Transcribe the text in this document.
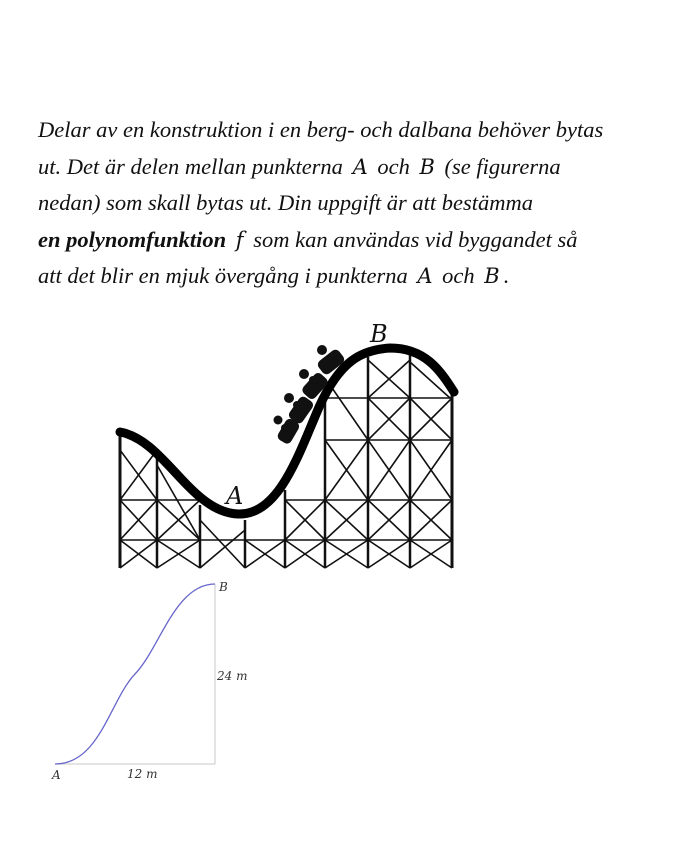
Delar av en konstruktion i en berg- och dalbana behöver bytas
ut. Det är delen mellan punkterna A och B (se figurerna
nedan) som skall bytas ut. Din uppgift är att bestämma
en polynomfunktion f som kan användas vid byggandet så
att det blir en mjuk övergång i punkterna A och B .
A
B
A
B
24 m
12 m
